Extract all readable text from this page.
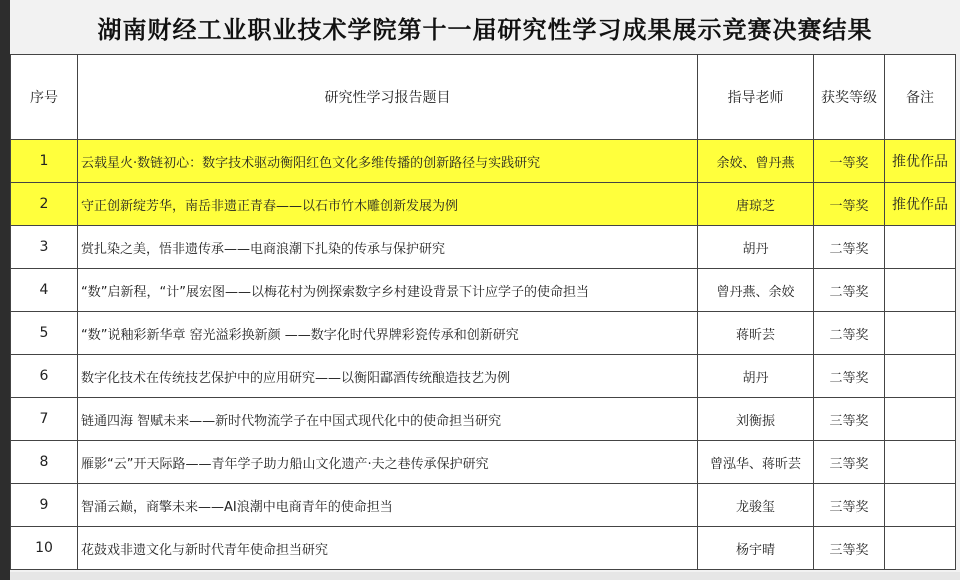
湖南财经工业职业技术学院第十一届研究性学习成果展示竞赛决赛结果
序号	研究性学习报告题目	指导老师	获奖等级	备注
1	云载星火·数链初心：数字技术驱动衡阳红色文化多维传播的创新路径与实践研究	余姣、曾丹燕	一等奖	推优作品
2	守正创新绽芳华，南岳非遗正青春——以石市竹木雕创新发展为例	唐琼芝	一等奖	推优作品
3	赏扎染之美，悟非遗传承——电商浪潮下扎染的传承与保护研究	胡丹	二等奖	
4	“数”启新程，“计”展宏图——以梅花村为例探索数字乡村建设背景下计应学子的使命担当	曾丹燕、余姣	二等奖	
5	“数”说釉彩新华章 窑光溢彩换新颜 ——数字化时代界牌彩瓷传承和创新研究	蒋昕芸	二等奖	
6	数字化技术在传统技艺保护中的应用研究——以衡阳酃酒传统酿造技艺为例	胡丹	二等奖	
7	链通四海 智赋未来——新时代物流学子在中国式现代化中的使命担当研究	刘衡振	三等奖	
8	雁影“云”开天际路——青年学子助力船山文化遗产·夫之巷传承保护研究	曾泓华、蒋昕芸	三等奖	
9	智涌云巅，商擎未来——AI浪潮中电商青年的使命担当	龙骏玺	三等奖	
10	花鼓戏非遗文化与新时代青年使命担当研究	杨宇晴	三等奖	
